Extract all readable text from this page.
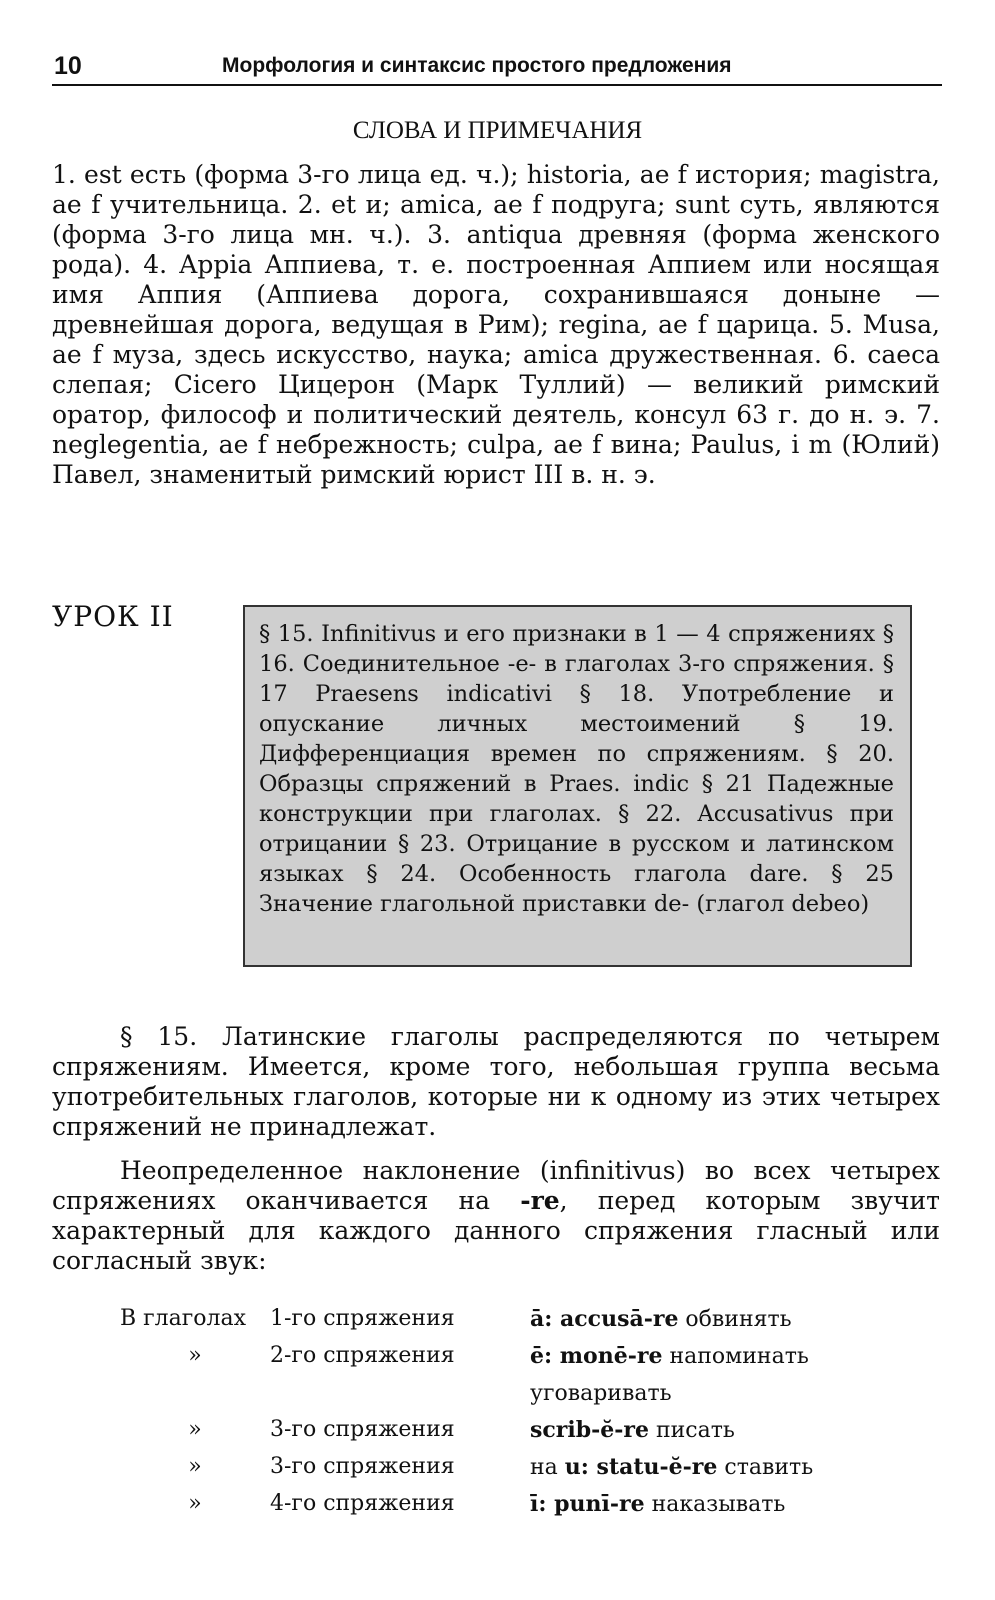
10	Морфология и синтаксис простого предложения
СЛОВА И ПРИМЕЧАНИЯ
1. est есть (форма 3-го лица ед. ч.); historia, ae f история; magistra, ae f учительница. 2. et и; amica, ae f подруга; sunt суть, являются (форма 3-го лица мн. ч.). 3. antiqua древняя (форма женского рода). 4. Appia Аппиева, т. е. построенная Аппием или носящая имя Аппия (Аппиева дорога, сохранившаяся доныне — древнейшая дорога, ведущая в Рим); regina, ae f царица. 5. Musa, ae f муза, здесь искусство, наука; amica дружественная. 6. caeca слепая; Cicero Цицерон (Марк Туллий) — великий римский оратор, философ и политический деятель, консул 63 г. до н. э. 7. neglegentia, ae f небрежность; culpa, ae f вина; Paulus, i m (Юлий) Павел, знаменитый римский юрист III в. н. э.
УРОК II
§ 15. Infinitivus и его признаки в 1 — 4 спряжениях § 16. Соединительное -е- в глаголах 3-го спряжения. § 17 Praesens indicativi § 18. Употребление и опускание личных местоимений § 19. Дифференциация времен по спряжениям. § 20. Образцы спряжений в Praes. indic § 21 Падежные конструкции при глаголах. § 22. Accusativus при отрицании § 23. Отрицание в русском и латинском языках § 24. Особенность глагола dare. § 25 Значение глагольной приставки de- (глагол debeo)
§ 15. Латинские глаголы распределяются по четырем спряжениям. Имеется, кроме того, небольшая группа весьма употребительных глаголов, которые ни к одному из этих четырех спряжений не принадлежат.
Неопределенное наклонение (infinitivus) во всех четырех спряжениях оканчивается на -re, перед которым звучит характерный для каждого данного спряжения гласный или согласный звук:
В глаголах	1-го спряжения	ā: accusā-re обвинять
»	2-го спряжения	ē: monē-re напоминать
		уговаривать
»	3-го спряжения	scrib-ĕ-re писать
»	3-го спряжения	на u: statu-ĕ-re ставить
»	4-го спряжения	ī: punī-re наказывать
